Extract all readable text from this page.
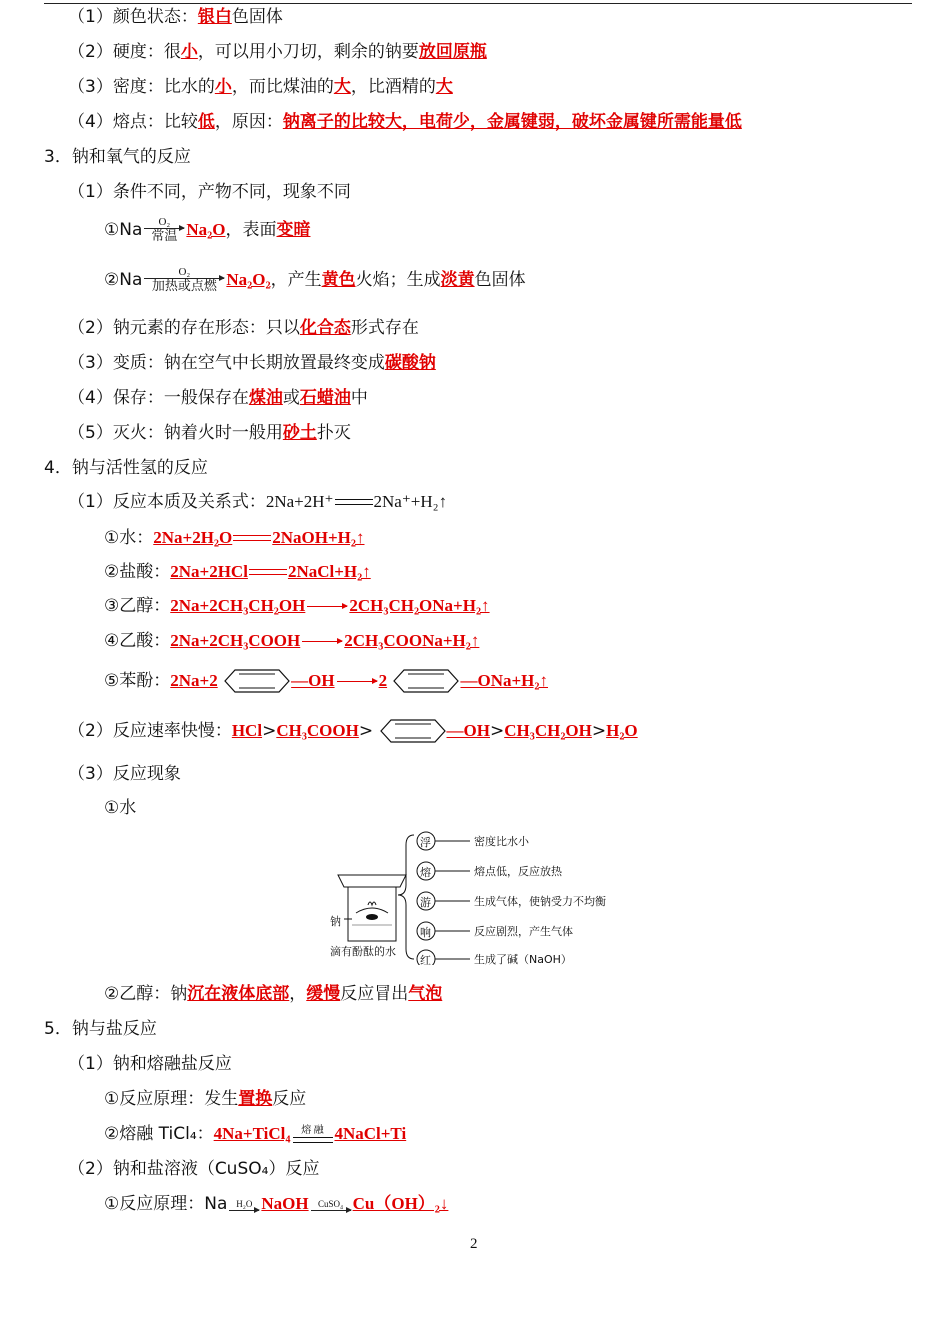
（1）颜色状态：银白色固体
（2）硬度：很小，可以用小刀切，剩余的钠要放回原瓶
（3）密度：比水的小，而比煤油的大，比酒精的大
（4）熔点：比较低，原因：钠离子的比较大，电荷少，金属键弱，破坏金属键所需能量低
3．钠和氧气的反应
（1）条件不同，产物不同，现象不同
①Na	O₂
常温 Na₂O，表面变暗
②Na	O₂
加热或点燃 Na₂O₂，产生黄色火焰；生成淡黄色固体
（2）钠元素的存在形态：只以化合态形式存在
（3）变质：钠在空气中长期放置最终变成碳酸钠
（4）保存：一般保存在煤油或石蜡油中
（5）灭火：钠着火时一般用砂土扑灭
4．钠与活性氢的反应
（1）反应本质及关系式：2Na+2H⁺ 2Na⁺+H₂↑
①水：2Na+2H₂O 2NaOH+H₂↑
②盐酸：2Na+2HCl 2NaCl+H₂↑
③乙醇：2Na+2CH₃CH₂OH	2CH₃CH₂ONa+H₂↑
④乙酸：2Na+2CH₃COOH	2CH₃COONa+H₂↑
⑤苯酚：2Na+2	—OH	2	—ONa+H₂↑
（2）反应速率快慢：HCl>CH₃COOH>	—OH>CH₃CH₂OH>H₂O
（3）反应现象
①水
浮
熔
游
响
红
密度比水小
熔点低，反应放热
生成气体，使钠受力不均衡
反应剧烈，产生气体
生成了碱（NaOH）
钠
滴有酚酞的水
②乙醇：钠沉在液体底部，缓慢反应冒出气泡
5．钠与盐反应
（1）钠和熔融盐反应
①反应原理：发生置换反应
②熔融 TiCl₄：4Na+TiCl₄	熔 融 4NaCl+Ti
（2）钠和盐溶液（CuSO₄）反应
①反应原理：Na H₂O NaOH	CuSO₄ Cu（OH）₂↓
2
